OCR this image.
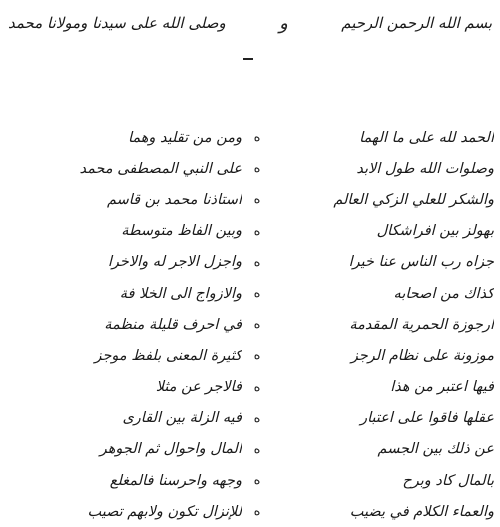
بسم الله الرحمن الرحيم
و
وصلى الله على سيدنا ومولانا محمد
الحمد لله على ما الهما
ه
ومن من تقليد وهما
وصلوات الله طول الابد
ه
على النبي المصطفى محمد
والشكر للعلي الزكي العالم
ه
استاذنا محمد بن قاسم
بهولز بين افراشكال
ه
وبين الفاظ متوسطة
جزاه رب الناس عنا خيرا
ه
واجزل الاجر له والاخرا
كذاك من اصحابه
ه
والازواج الى الخلا فة
ارجوزة الحمرية المقدمة
ه
في احرف قليلة منظمة
موزونة على نظام الرجز
ه
كثيرة المعنى بلفظ موجز
فيها اعتبر من هذا
ه
فالاجر عن مثلا
عقلها فاقوا على اعتبار
ه
فيه الزلة بين القارى
عن ذلك بين الجسم
ه
المال واحوال ثم الجوهر
بالمال كاد وبرح
ه
وجهه واحرسنا فالمغلع
والعماء الكلام في يضيب
ه
للإنزال تكون ولابهم تصيب
